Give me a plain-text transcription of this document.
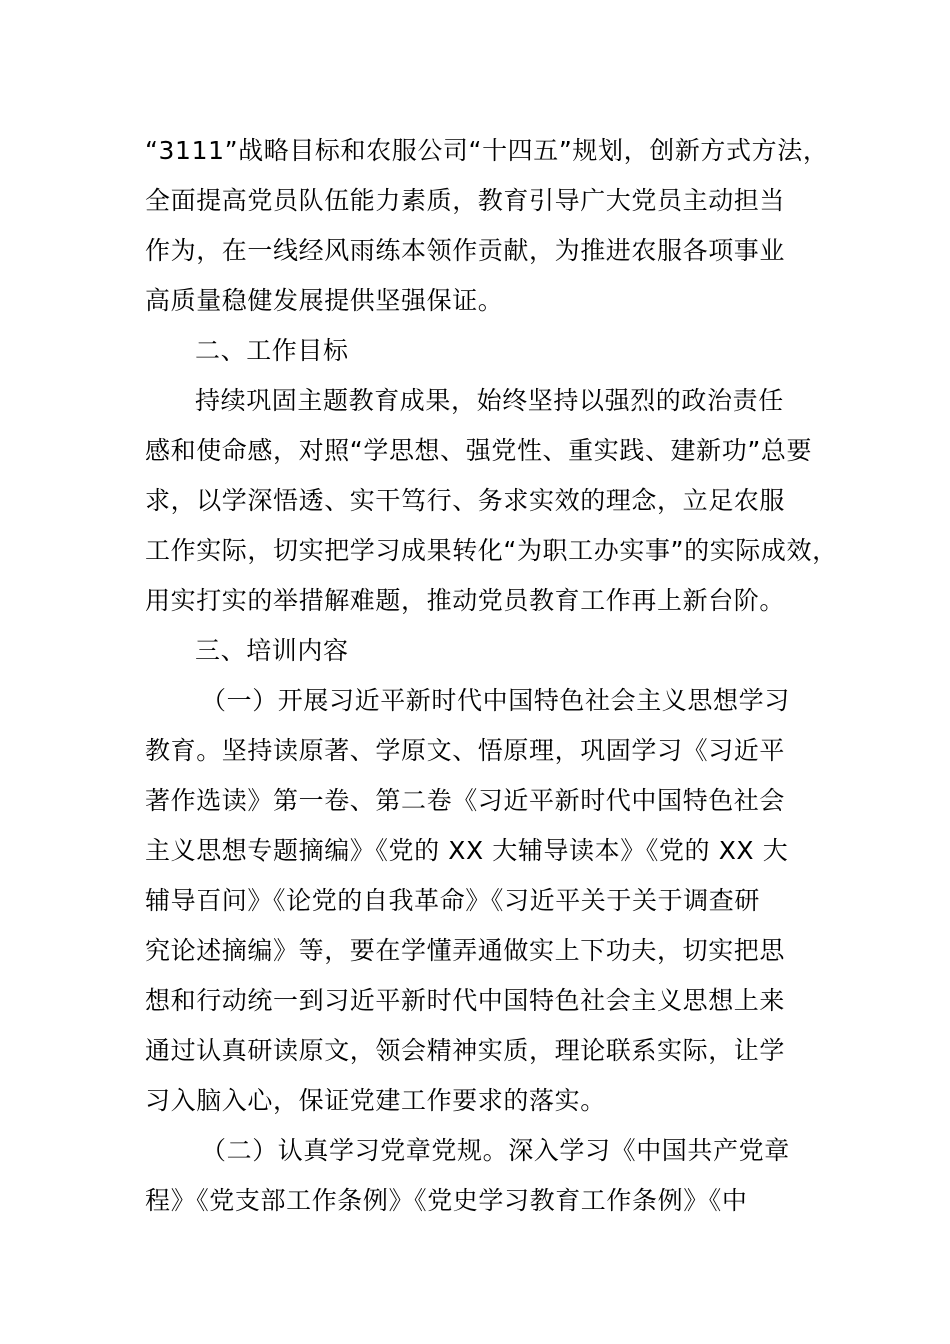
“3111”战略目标和农服公司“十四五”规划，创新方式方法，
全面提高党员队伍能力素质，教育引导广大党员主动担当
作为，在一线经风雨练本领作贡献，为推进农服各项事业
高质量稳健发展提供坚强保证。
二、工作目标
持续巩固主题教育成果，始终坚持以强烈的政治责任
感和使命感，对照“学思想、强党性、重实践、建新功”总要
求，以学深悟透、实干笃行、务求实效的理念，立足农服
工作实际，切实把学习成果转化“为职工办实事”的实际成效，
用实打实的举措解难题，推动党员教育工作再上新台阶。
三、培训内容
（一）开展习近平新时代中国特色社会主义思想学习
教育。坚持读原著、学原文、悟原理，巩固学习《习近平
著作选读》第一卷、第二卷《习近平新时代中国特色社会
主义思想专题摘编》《党的 XX 大辅导读本》《党的 XX 大
辅导百问》《论党的自我革命》《习近平关于关于调查研
究论述摘编》等，要在学懂弄通做实上下功夫，切实把思
想和行动统一到习近平新时代中国特色社会主义思想上来
通过认真研读原文，领会精神实质，理论联系实际，让学
习入脑入心，保证党建工作要求的落实。
（二）认真学习党章党规。深入学习《中国共产党章
程》《党支部工作条例》《党史学习教育工作条例》《中
